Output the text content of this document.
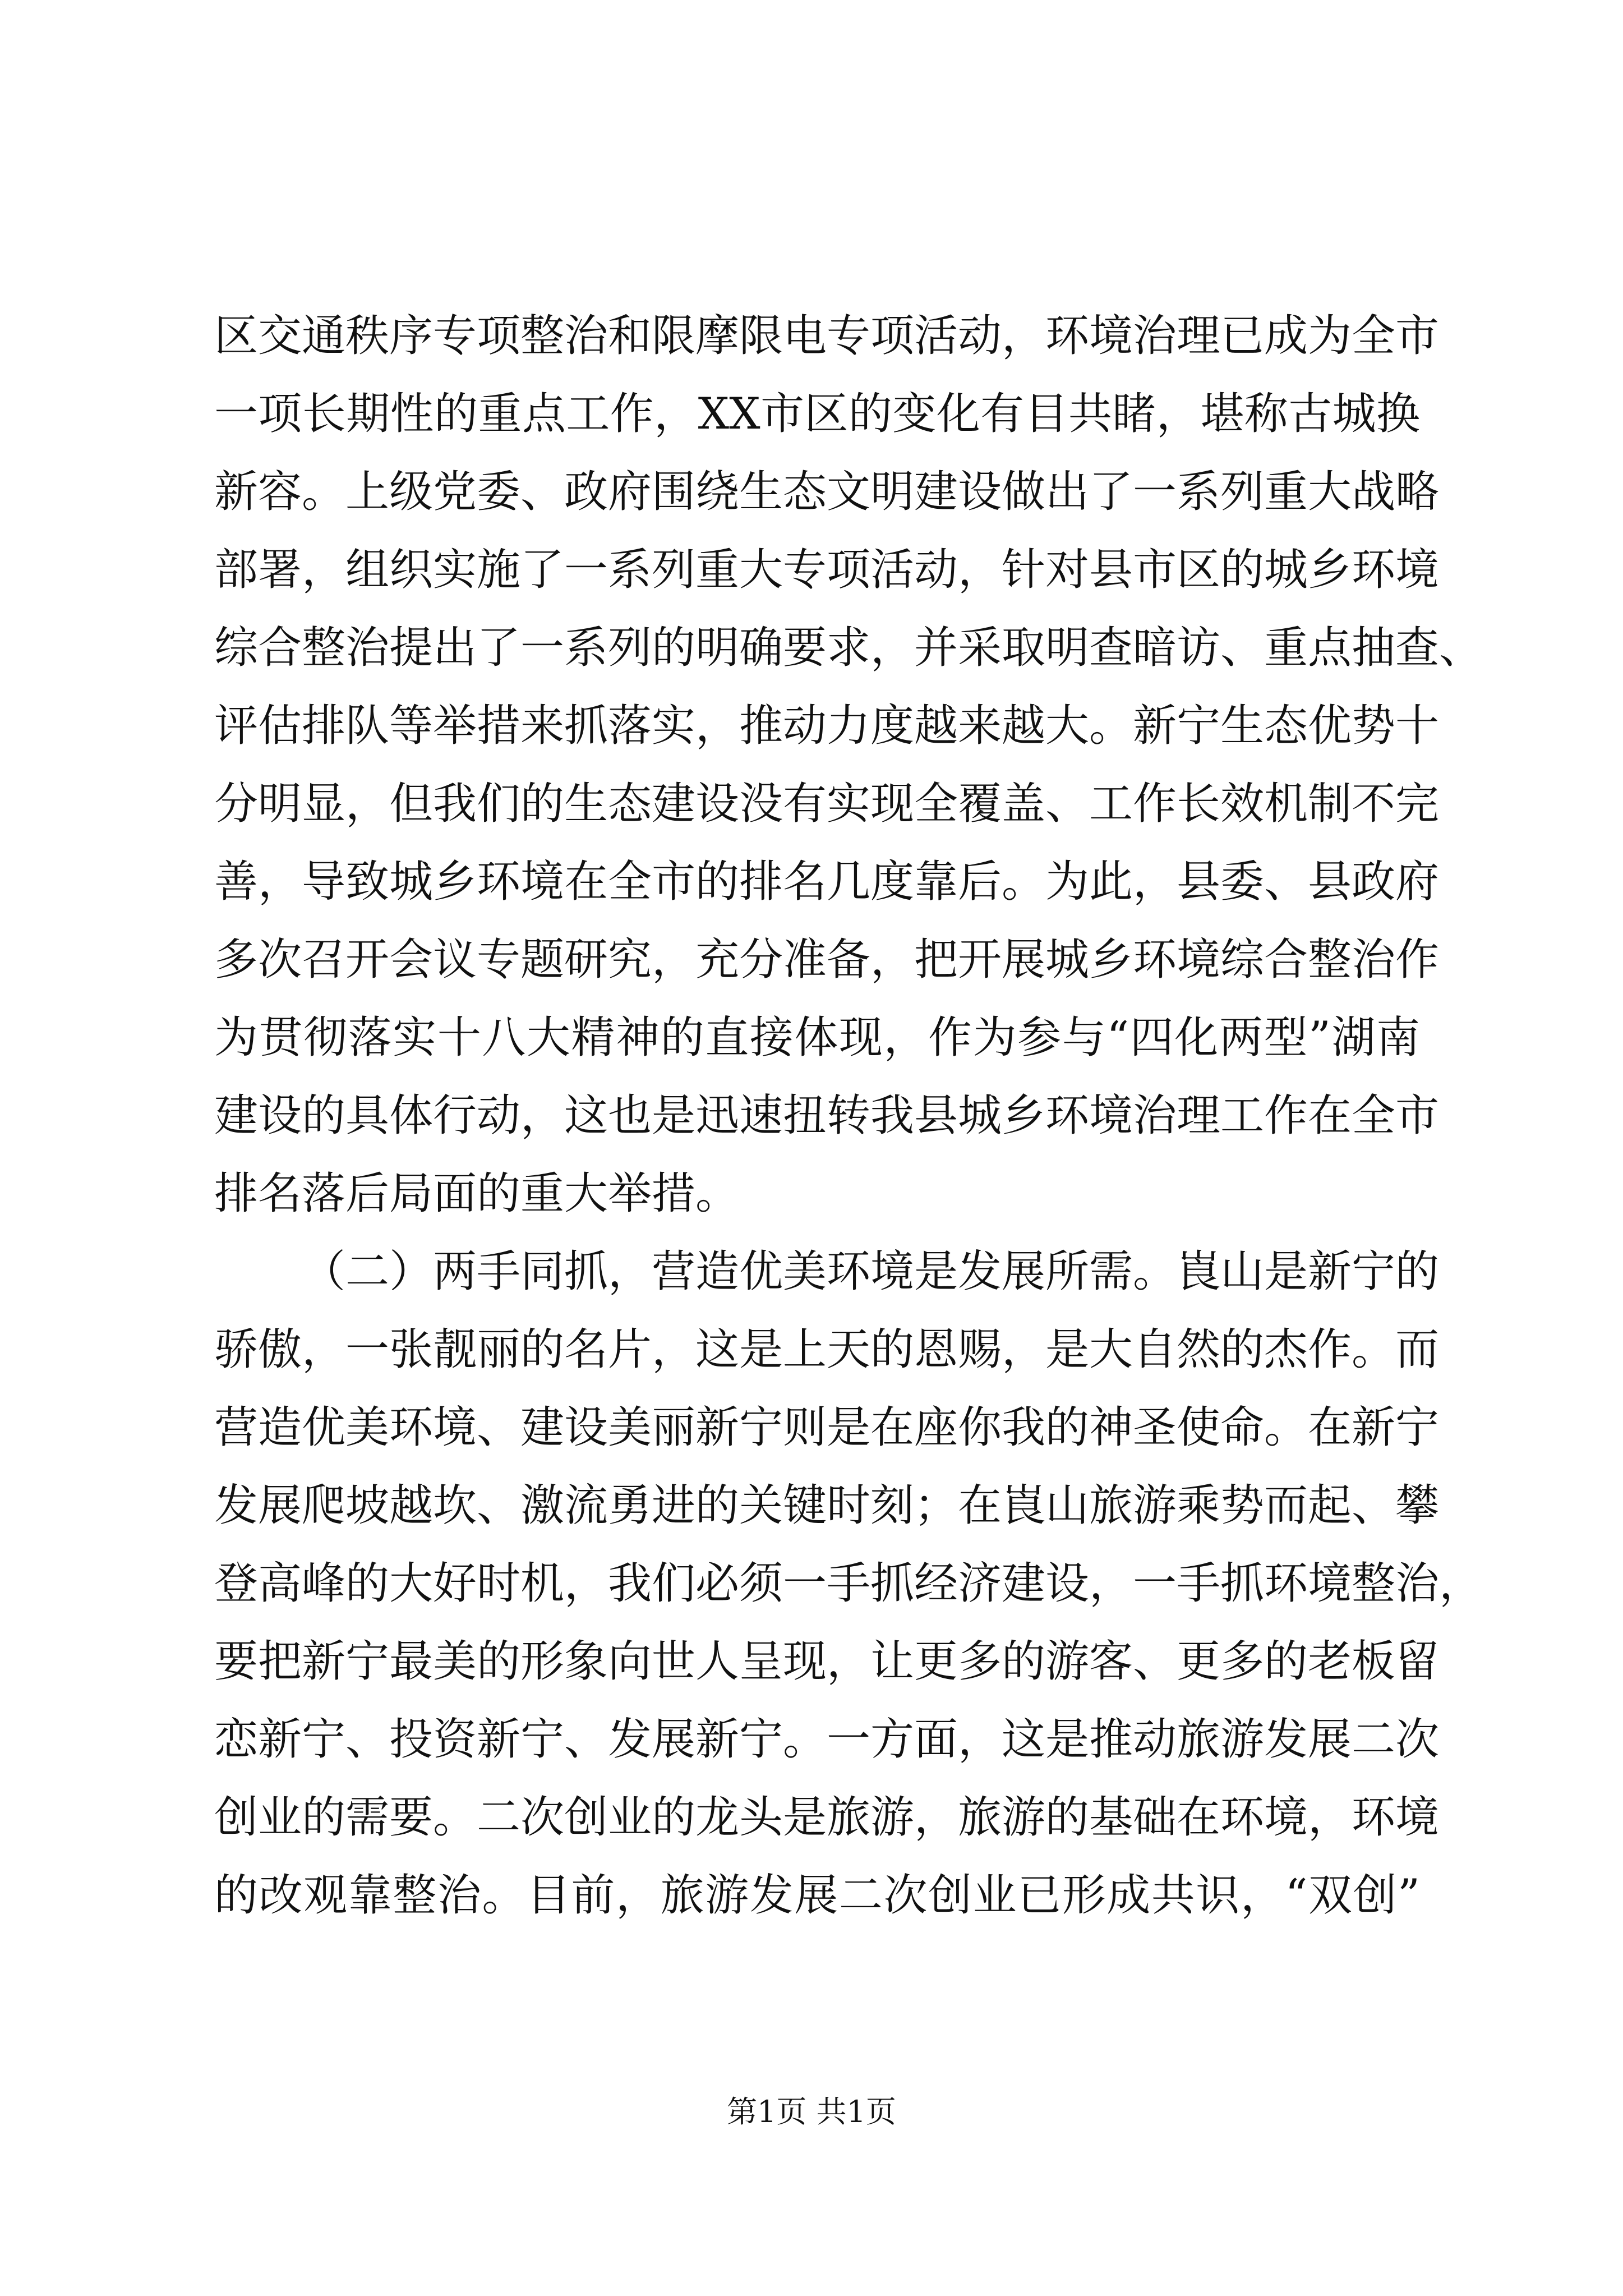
区交通秩序专项整治和限摩限电专项活动，环境治理已成为全市
一项长期性的重点工作，XX市区的变化有目共睹，堪称古城换
新容。上级党委、政府围绕生态文明建设做出了一系列重大战略
部署，组织实施了一系列重大专项活动，针对县市区的城乡环境
综合整治提出了一系列的明确要求，并采取明查暗访、重点抽查、
评估排队等举措来抓落实，推动力度越来越大。新宁生态优势十
分明显，但我们的生态建设没有实现全覆盖、工作长效机制不完
善，导致城乡环境在全市的排名几度靠后。为此，县委、县政府
多次召开会议专题研究，充分准备，把开展城乡环境综合整治作
为贯彻落实十八大精神的直接体现，作为参与“四化两型”湖南
建设的具体行动，这也是迅速扭转我县城乡环境治理工作在全市
排名落后局面的重大举措。
（二）两手同抓，营造优美环境是发展所需。崀山是新宁的
骄傲，一张靓丽的名片，这是上天的恩赐，是大自然的杰作。而
营造优美环境、建设美丽新宁则是在座你我的神圣使命。在新宁
发展爬坡越坎、激流勇进的关键时刻；在崀山旅游乘势而起、攀
登高峰的大好时机，我们必须一手抓经济建设，一手抓环境整治，
要把新宁最美的形象向世人呈现，让更多的游客、更多的老板留
恋新宁、投资新宁、发展新宁。一方面，这是推动旅游发展二次
创业的需要。二次创业的龙头是旅游，旅游的基础在环境，环境
的改观靠整治。目前，旅游发展二次创业已形成共识，“双创”
第1页 共1页
